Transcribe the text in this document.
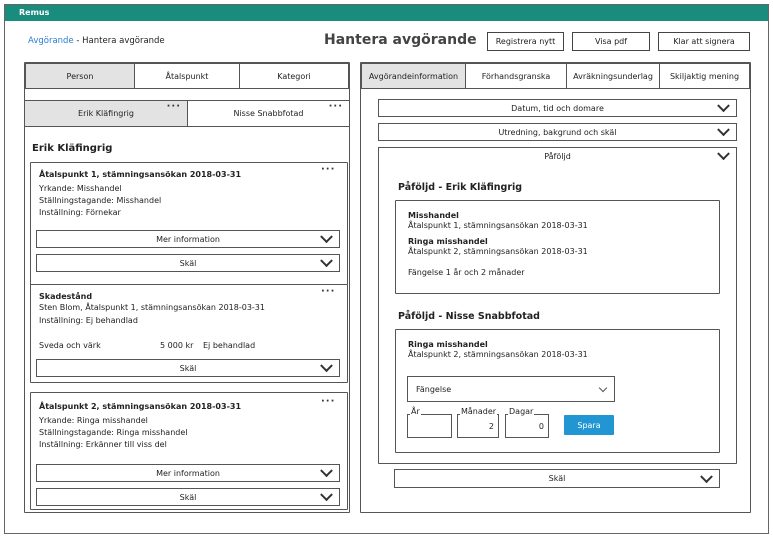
Remus
Avgörande - Hantera avgörande	Hantera avgörande	Registrera nytt	Visa pdf	Klar att signera
Person	Åtalspunkt	Kategori
Erik Kläfingrig
···
Nisse Snabbfotad
···
Erik Kläfingrig
Åtalspunkt 1, stämningsansökan 2018-03-31	···
Yrkande: Misshandel
Ställningstagande: Misshandel
Inställning: Förnekar
Mer information
Skäl
Skadestånd	···
Sten Blom, Åtalspunkt 1, stämningsansökan 2018-03-31
Inställning: Ej behandlad
Sveda och värk	5 000 kr Ej behandlad
Skäl
Åtalspunkt 2, stämningsansökan 2018-03-31	···
Yrkande: Ringa misshandel
Ställningstagande: Ringa misshandel
Inställning: Erkänner till viss del
Mer information
Skäl
Avgörandeinformation	Förhandsgranska	Avräkningsunderlag	Skiljaktig mening
Datum, tid och domare
Utredning, bakgrund och skäl
Påföljd
Påföljd - Erik Kläfingrig
Misshandel
Åtalspunkt 1, stämningsansökan 2018-03-31
Ringa misshandel
Åtalspunkt 2, stämningsansökan 2018-03-31
Fängelse 1 år och 2 månader
Påföljd - Nisse Snabbfotad
Ringa misshandel
Åtalspunkt 2, stämningsansökan 2018-03-31
Fängelse
År
2
Månader
0
Dagar
Spara
Skäl
